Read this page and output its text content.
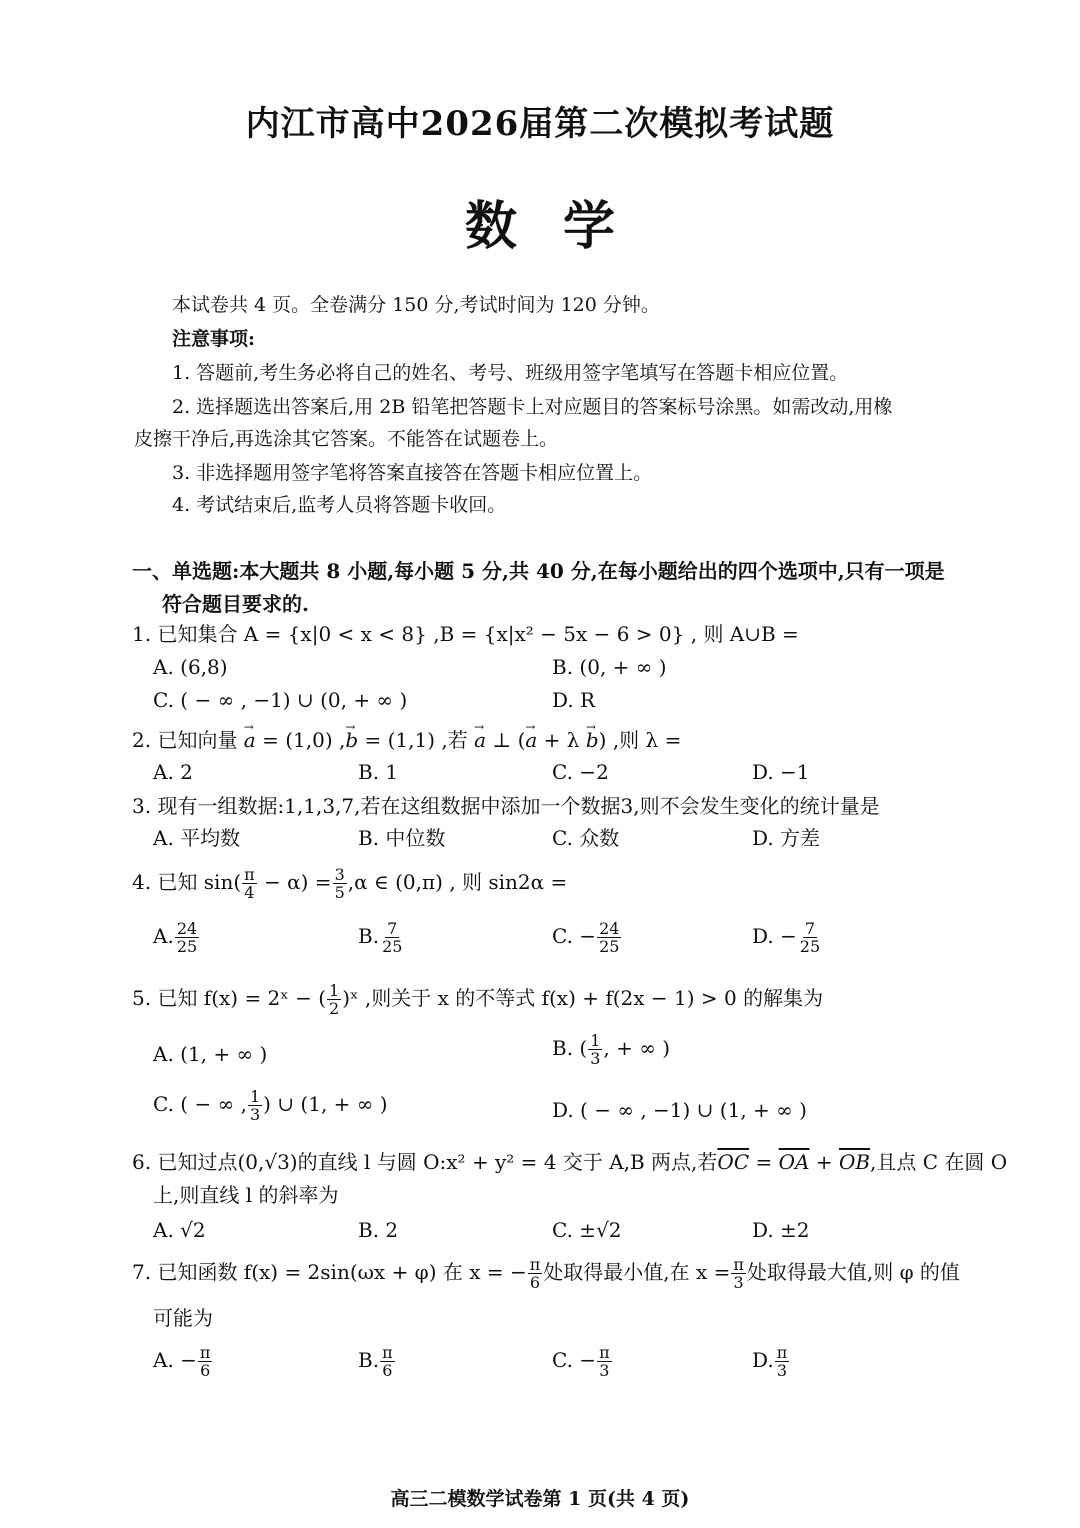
内江市高中2026届第二次模拟考试题
数学
本试卷共 4 页。全卷满分 150 分,考试时间为 120 分钟。
注意事项:
1. 答题前,考生务必将自己的姓名、考号、班级用签字笔填写在答题卡相应位置。
2. 选择题选出答案后,用 2B 铅笔把答题卡上对应题目的答案标号涂黑。如需改动,用橡
皮擦干净后,再选涂其它答案。不能答在试题卷上。
3. 非选择题用签字笔将答案直接答在答题卡相应位置上。
4. 考试结束后,监考人员将答题卡收回。
一、单选题:本大题共 8 小题,每小题 5 分,共 40 分,在每小题给出的四个选项中,只有一项是
符合题目要求的.
1. 已知集合 A = {x|0 < x < 8} ,B = {x|x² − 5x − 6 > 0} , 则 A∪B =
A. (6,8)	B. (0, + ∞ )
C. ( − ∞ , −1) ∪ (0, + ∞ )	D. R
2. 已知向量 → a = (1,0) ,→ b = (1,1) ,若 → a ⊥ (→ a + λ → b) ,则 λ =
A. 2	B. 1	C. −2	D. −1
3. 现有一组数据:1,1,3,7,若在这组数据中添加一个数据3,则不会发生变化的统计量是
A. 平均数	B. 中位数	C. 众数	D. 方差
4. 已知 $\sin( \frac{\pi}{4} - \alpha) = \frac{3}{5} ,\alpha$ ∈ (0,π) , 则 sin2α =
A. $\frac{24}{25}$	B. $\frac{7}{25}$	C. − $\frac{24}{25}$	D. − $\frac{7}{25}$
5. 已知 f(x) = 2ˣ − ( $\frac{1}{2}$ )ˣ ,则关于 x 的不等式 f(x) + f(2x − 1) > 0 的解集为
A. (1, + ∞ )	B. ( $\frac{1}{3}$ , + ∞ )
C. ( − ∞ , $\frac{1}{3}$ ) ∪ (1, + ∞ )	D. ( − ∞ , −1) ∪ (1, + ∞ )
6. 已知过点(0,√3)的直线 l 与圆 O:x² + y² = 4 交于 A,B 两点,若$\overline{OC} = \overline{OA} + \overline{OB}$,且点 C 在圆 O
上,则直线 l 的斜率为
A. √2	B. 2	C. ±√2	D. ±2
7. 已知函数 f(x) = 2sin(ωx + φ) 在 x = − $\frac{\pi}{6}$ 处取得最小值,在 $x = \frac{\pi}{3}$ 处取得最大值,则 φ 的值
可能为
A. − $\frac{\pi}{6}$	B. $\frac{\pi}{6}$	C. − $\frac{\pi}{3}$	D. $\frac{\pi}{3}$
高三二模数学试卷第 1 页(共 4 页)
